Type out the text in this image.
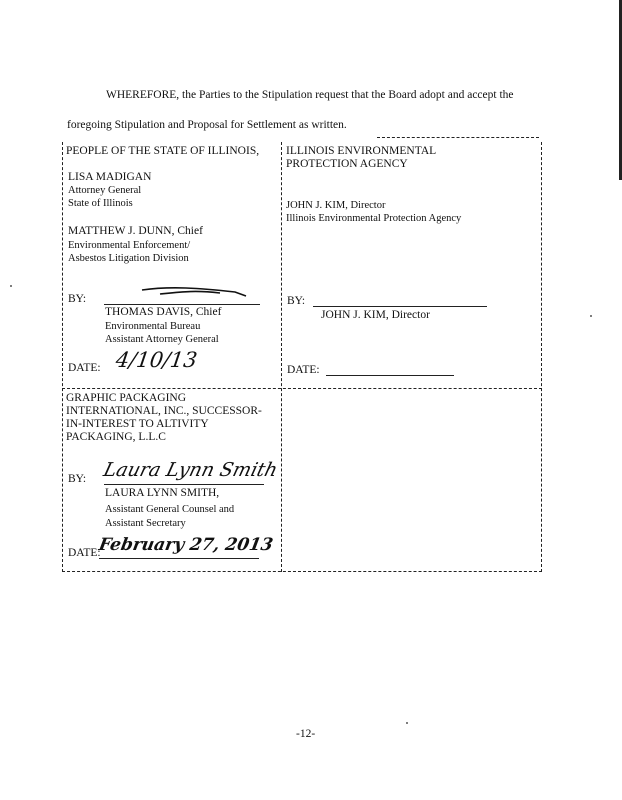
WHEREFORE, the Parties to the Stipulation request that the Board adopt and accept the
foregoing Stipulation and Proposal for Settlement as written.
PEOPLE OF THE STATE OF ILLINOIS,
LISA MADIGAN
Attorney General
State of Illinois
MATTHEW J. DUNN, Chief
Environmental Enforcement/
Asbestos Litigation Division
BY:
THOMAS DAVIS, Chief
Environmental Bureau
Assistant Attorney General
DATE: 4/10/13
ILLINOIS ENVIRONMENTAL
PROTECTION AGENCY
JOHN J. KIM, Director
Illinois Environmental Protection Agency
BY:
JOHN J. KIM, Director
DATE:
GRAPHIC PACKAGING
INTERNATIONAL, INC., SUCCESSOR-
IN-INTEREST TO ALTIVITY
PACKAGING, L.L.C
BY: Laura Lynn Smith
LAURA LYNN SMITH,
Assistant General Counsel and
Assistant Secretary
DATE:
February 27, 2013
-12-
